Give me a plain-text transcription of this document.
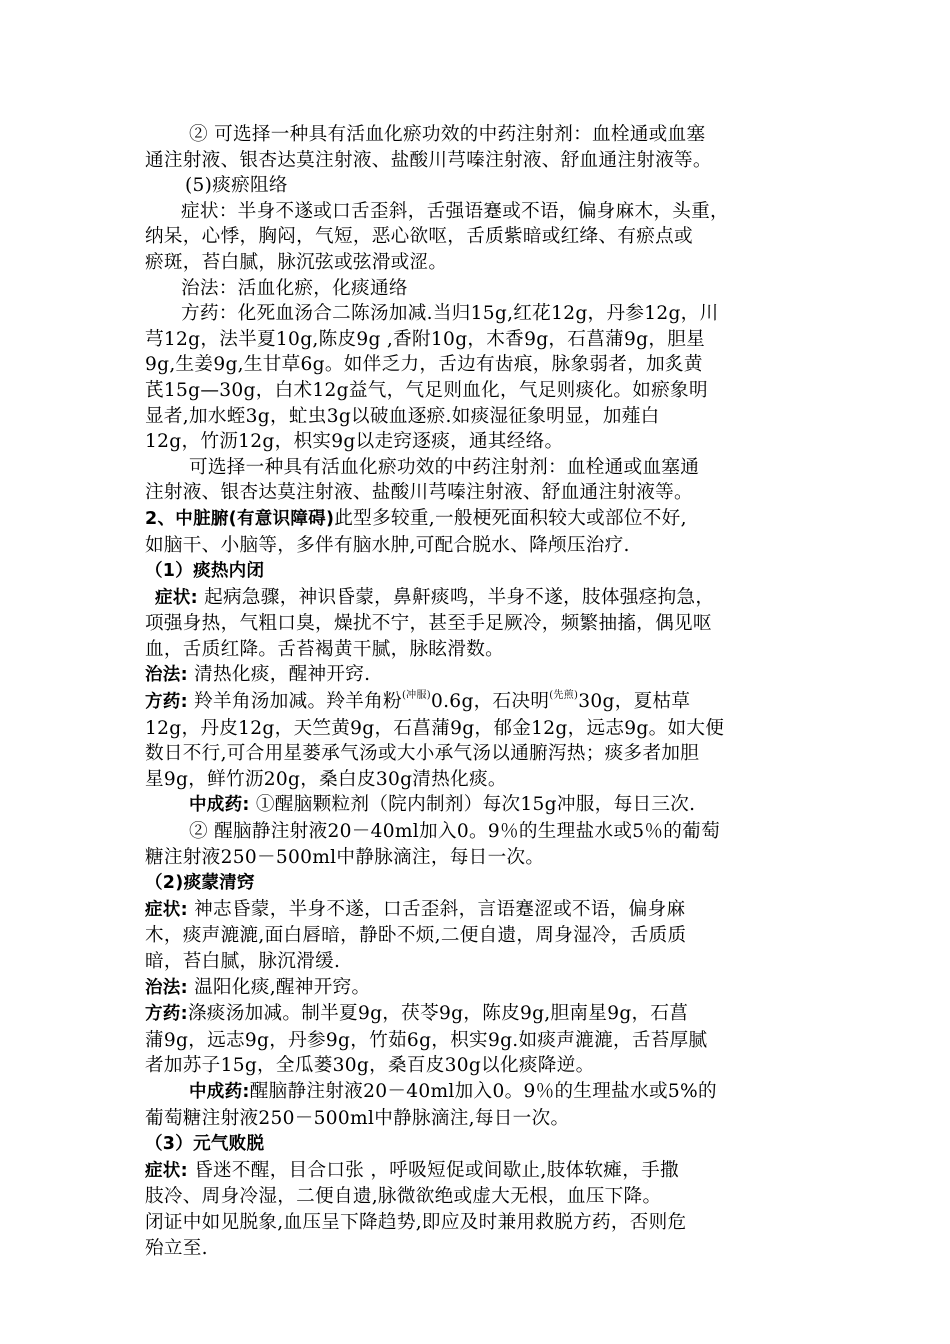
② 可选择一种具有活血化瘀功效的中药注射剂：血栓通或血塞
通注射液、银杏达莫注射液、盐酸川芎嗪注射液、舒血通注射液等。
(5)痰瘀阻络
症状：半身不遂或口舌歪斜，舌强语蹇或不语，偏身麻木，头重，
纳呆，心悸，胸闷，气短，恶心欲呕，舌质紫暗或红绛、有瘀点或
瘀斑，苔白腻，脉沉弦或弦滑或涩。
治法：活血化瘀，化痰通络
方药：化死血汤合二陈汤加减.当归15g,红花12g，丹参12g，川
芎12g，法半夏10g,陈皮9g ,香附10g，木香9g，石菖蒲9g，胆星
9g,生姜9g,生甘草6g。如伴乏力，舌边有齿痕，脉象弱者，加炙黄
芪15g—30g，白术12g益气，气足则血化，气足则痰化。如瘀象明
显者,加水蛭3g，虻虫3g以破血逐瘀.如痰湿征象明显，加薤白
12g，竹沥12g，枳实9g以走窍逐痰，通其经络。
可选择一种具有活血化瘀功效的中药注射剂：血栓通或血塞通
注射液、银杏达莫注射液、盐酸川芎嗪注射液、舒血通注射液等。
2、中脏腑(有意识障碍)此型多较重,一般梗死面积较大或部位不好,
如脑干、小脑等，多伴有脑水肿,可配合脱水、降颅压治疗.
（1）痰热内闭
症状: 起病急骤，神识昏蒙，鼻鼾痰鸣，半身不遂，肢体强痉拘急，
项强身热，气粗口臭，燥扰不宁，甚至手足厥冷，频繁抽搐，偶见呕
血，舌质红降。舌苔褐黄干腻，脉眩滑数。
治法: 清热化痰，醒神开窍.
方药: 羚羊角汤加减。羚羊角粉$^{(冲服)}$0.6g，石决明$^{(先煎)}$30g，夏枯草
12g，丹皮12g，天竺黄9g，石菖蒲9g，郁金12g，远志9g。如大便
数日不行,可合用星蒌承气汤或大小承气汤以通腑泻热；痰多者加胆
星9g，鲜竹沥20g，桑白皮30g清热化痰。
中成药: ①醒脑颗粒剂（院内制剂）每次15g冲服，每日三次.
② 醒脑静注射液20－40ml加入0。9％的生理盐水或5％的葡萄
糖注射液250－500ml中静脉滴注，每日一次。
（2)痰蒙清窍
症状: 神志昏蒙，半身不遂，口舌歪斜，言语蹇涩或不语，偏身麻
木，痰声漉漉,面白唇暗，静卧不烦,二便自遗，周身湿冷，舌质质
暗，苔白腻，脉沉滑缓.
治法: 温阳化痰,醒神开窍。
方药:涤痰汤加减。制半夏9g，茯苓9g，陈皮9g,胆南星9g，石菖
蒲9g，远志9g，丹参9g，竹茹6g，枳实9g.如痰声漉漉，舌苔厚腻
者加苏子15g，全瓜蒌30g，桑百皮30g以化痰降逆。
中成药:醒脑静注射液20－40ml加入0。9％的生理盐水或5%的
葡萄糖注射液250－500ml中静脉滴注,每日一次。
（3）元气败脱
症状: 昏迷不醒，目合口张 ，呼吸短促或间歇止,肢体软瘫，手撒
肢冷、周身冷湿，二便自遗,脉微欲绝或虚大无根，血压下降。
闭证中如见脱象,血压呈下降趋势,即应及时兼用救脱方药，否则危
殆立至.
